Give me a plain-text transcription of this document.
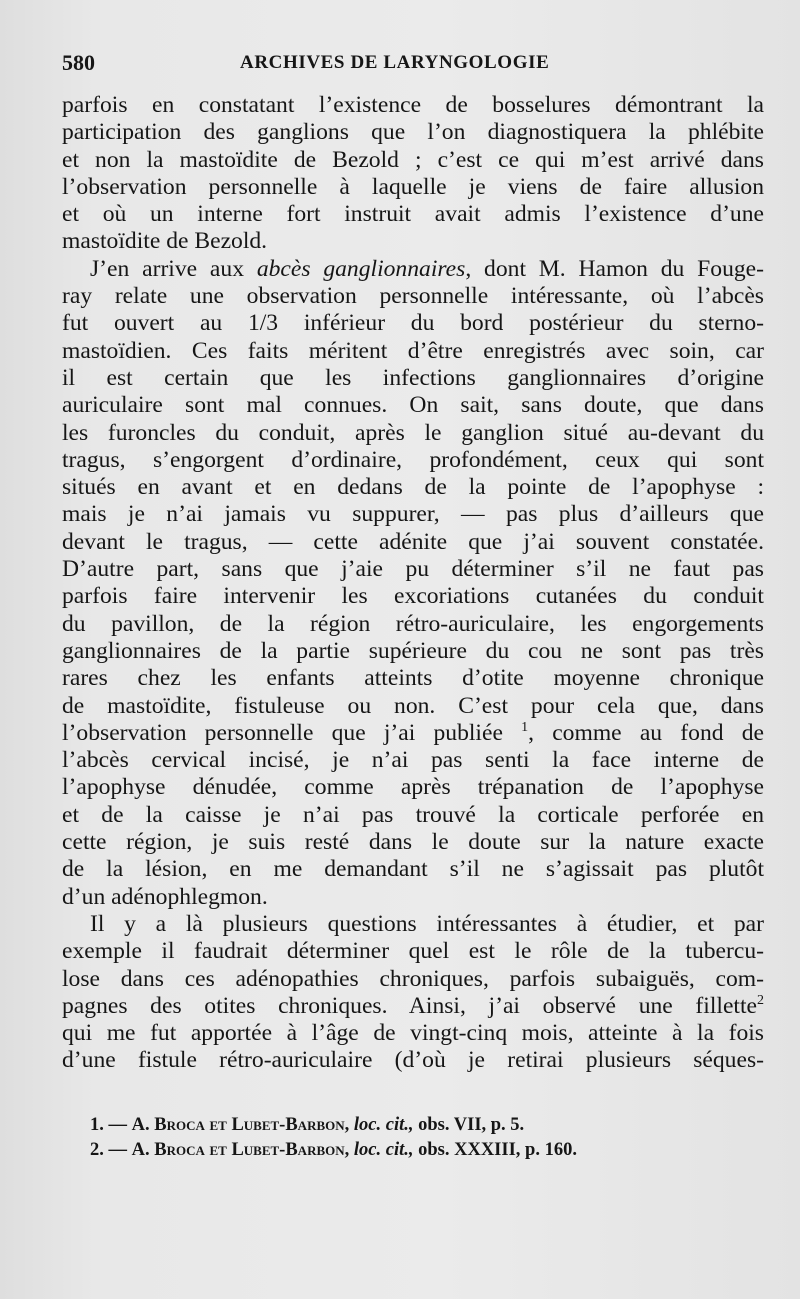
580	ARCHIVES DE LARYNGOLOGIE
parfois en constatant l’existence de bosselures démontrant la
participation des ganglions que l’on diagnostiquera la phlébite
et non la mastoïdite de Bezold ; c’est ce qui m’est arrivé dans
l’observation personnelle à laquelle je viens de faire allusion
et où un interne fort instruit avait admis l’existence d’une
mastoïdite de Bezold.
J’en arrive aux abcès ganglionnaires, dont M. Hamon du Fouge-
ray relate une observation personnelle intéressante, où l’abcès
fut ouvert au 1/3 inférieur du bord postérieur du sterno-
mastoïdien. Ces faits méritent d’être enregistrés avec soin, car
il est certain que les infections ganglionnaires d’origine
auriculaire sont mal connues. On sait, sans doute, que dans
les furoncles du conduit, après le ganglion situé au-devant du
tragus, s’engorgent d’ordinaire, profondément, ceux qui sont
situés en avant et en dedans de la pointe de l’apophyse :
mais je n’ai jamais vu suppurer, — pas plus d’ailleurs que
devant le tragus, — cette adénite que j’ai souvent constatée.
D’autre part, sans que j’aie pu déterminer s’il ne faut pas
parfois faire intervenir les excoriations cutanées du conduit
du pavillon, de la région rétro-auriculaire, les engorgements
ganglionnaires de la partie supérieure du cou ne sont pas très
rares chez les enfants atteints d’otite moyenne chronique
de mastoïdite, fistuleuse ou non. C’est pour cela que, dans
l’observation personnelle que j’ai publiée $^1$, comme au fond de
l’abcès cervical incisé, je n’ai pas senti la face interne de
l’apophyse dénudée, comme après trépanation de l’apophyse
et de la caisse je n’ai pas trouvé la corticale perforée en
cette région, je suis resté dans le doute sur la nature exacte
de la lésion, en me demandant s’il ne s’agissait pas plutôt
d’un adénophlegmon.
Il y a là plusieurs questions intéressantes à étudier, et par
exemple il faudrait déterminer quel est le rôle de la tubercu-
lose dans ces adénopathies chroniques, parfois subaiguës, com-
pagnes des otites chroniques. Ainsi, j’ai observé une fillette$^2$
qui me fut apportée à l’âge de vingt-cinq mois, atteinte à la fois
d’une fistule rétro-auriculaire (d’où je retirai plusieurs séques-
1. — A. Broca et Lubet-Barbon, loc. cit., obs. VII, p. 5.
2. — A. Broca et Lubet-Barbon, loc. cit., obs. XXXIII, p. 160.
